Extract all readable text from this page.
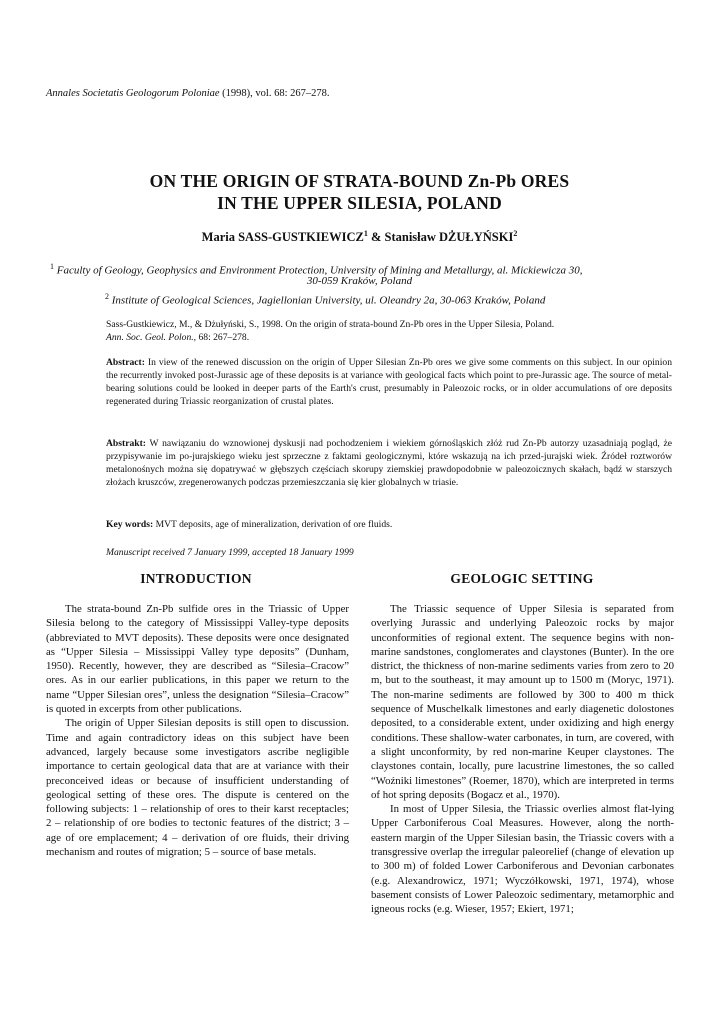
Annales Societatis Geologorum Poloniae (1998), vol. 68: 267–278.
ON THE ORIGIN OF STRATA-BOUND Zn-Pb ORES
IN THE UPPER SILESIA, POLAND
Maria SASS-GUSTKIEWICZ$^1$ & Stanisław DŻUŁYŃSKI$^2$
$^1$ Faculty of Geology, Geophysics and Environment Protection, University of Mining and Metallurgy, al. Mickiewicza 30,
30-059 Kraków, Poland
$^2$ Institute of Geological Sciences, Jagiellonian University, ul. Oleandry 2a, 30-063 Kraków, Poland
Sass-Gustkiewicz, M., & Dżułyński, S., 1998. On the origin of strata-bound Zn-Pb ores in the Upper Silesia, Poland.
Ann. Soc. Geol. Polon., 68: 267–278.
Abstract: In view of the renewed discussion on the origin of Upper Silesian Zn-Pb ores we give some comments on this subject. In our opinion the recurrently invoked post-Jurassic age of these deposits is at variance with geological facts which point to pre-Jurassic age. The source of metal-bearing solutions could be looked in deeper parts of the Earth's crust, presumably in Paleozoic rocks, or in older accumulations of ore deposits regenerated during Triassic reorganization of crustal plates.
Abstrakt: W nawiązaniu do wznowionej dyskusji nad pochodzeniem i wiekiem górnośląskich złóż rud Zn-Pb autorzy uzasadniają pogląd, że przypisywanie im po-jurajskiego wieku jest sprzeczne z faktami geologicznymi, które wskazują na ich przed-jurajski wiek. Źródeł roztworów metalonośnych można się dopatrywać w głębszych częściach skorupy ziemskiej prawdopodobnie w paleozoicznych skałach, bądź w starszych złożach kruszców, zregenerowanych podczas przemieszczania się kier globalnych w triasie.
Key words: MVT deposits, age of mineralization, derivation of ore fluids.
Manuscript received 7 January 1999, accepted 18 January 1999
INTRODUCTION	GEOLOGIC SETTING

The strata-bound Zn-Pb sulfide ores in the Triassic of Upper Silesia belong to the category of Mississippi Valley-type deposits (abbreviated to MVT deposits). These deposits were once designated as “Upper Silesia – Mississippi Valley type deposits” (Dunham, 1950). Recently, however, they are described as “Silesia–Cracow” ores. As in our earlier publications, in this paper we return to the name “Upper Silesian ores”, unless the designation “Silesia–Cracow” is quoted in excerpts from other publications.

The origin of Upper Silesian deposits is still open to discussion. Time and again contradictory ideas on this subject have been advanced, largely because some investigators ascribe negligible importance to certain geological data that are at variance with their preconceived ideas or because of insufficient understanding of geological setting of these ores. The dispute is centered on the following subjects: 1 – relationship of ores to their karst receptacles; 2 – relationship of ore bodies to tectonic features of the district; 3 – age of ore emplacement; 4 – derivation of ore fluids, their driving mechanism and routes of migration; 5 – source of base metals.

The Triassic sequence of Upper Silesia is separated from overlying Jurassic and underlying Paleozoic rocks by major unconformities of regional extent. The sequence begins with non-marine sandstones, conglomerates and claystones (Bunter). In the ore district, the thickness of non-marine sediments varies from zero to 20 m, but to the southeast, it may amount up to 1500 m (Moryc, 1971). The non-marine sediments are followed by 300 to 400 m thick sequence of Muschelkalk limestones and early diagenetic dolostones deposited, to a considerable extent, under oxidizing and high energy conditions. These shallow-water carbonates, in turn, are covered, with a slight unconformity, by red non-marine Keuper claystones. The claystones contain, locally, pure lacustrine limestones, the so called “Woźniki limestones” (Roemer, 1870), which are interpreted in terms of hot spring deposits (Bogacz et al., 1970).

In most of Upper Silesia, the Triassic overlies almost flat-lying Upper Carboniferous Coal Measures. However, along the north-eastern margin of the Upper Silesian basin, the Triassic covers with a transgressive overlap the irregular paleorelief (change of elevation up to 300 m) of folded Lower Carboniferous and Devonian carbonates (e.g. Alexandrowicz, 1971; Wyczółkowski, 1971, 1974), whose basement consists of Lower Paleozoic sedimentary, metamorphic and igneous rocks (e.g. Wieser, 1957; Ekiert, 1971;
